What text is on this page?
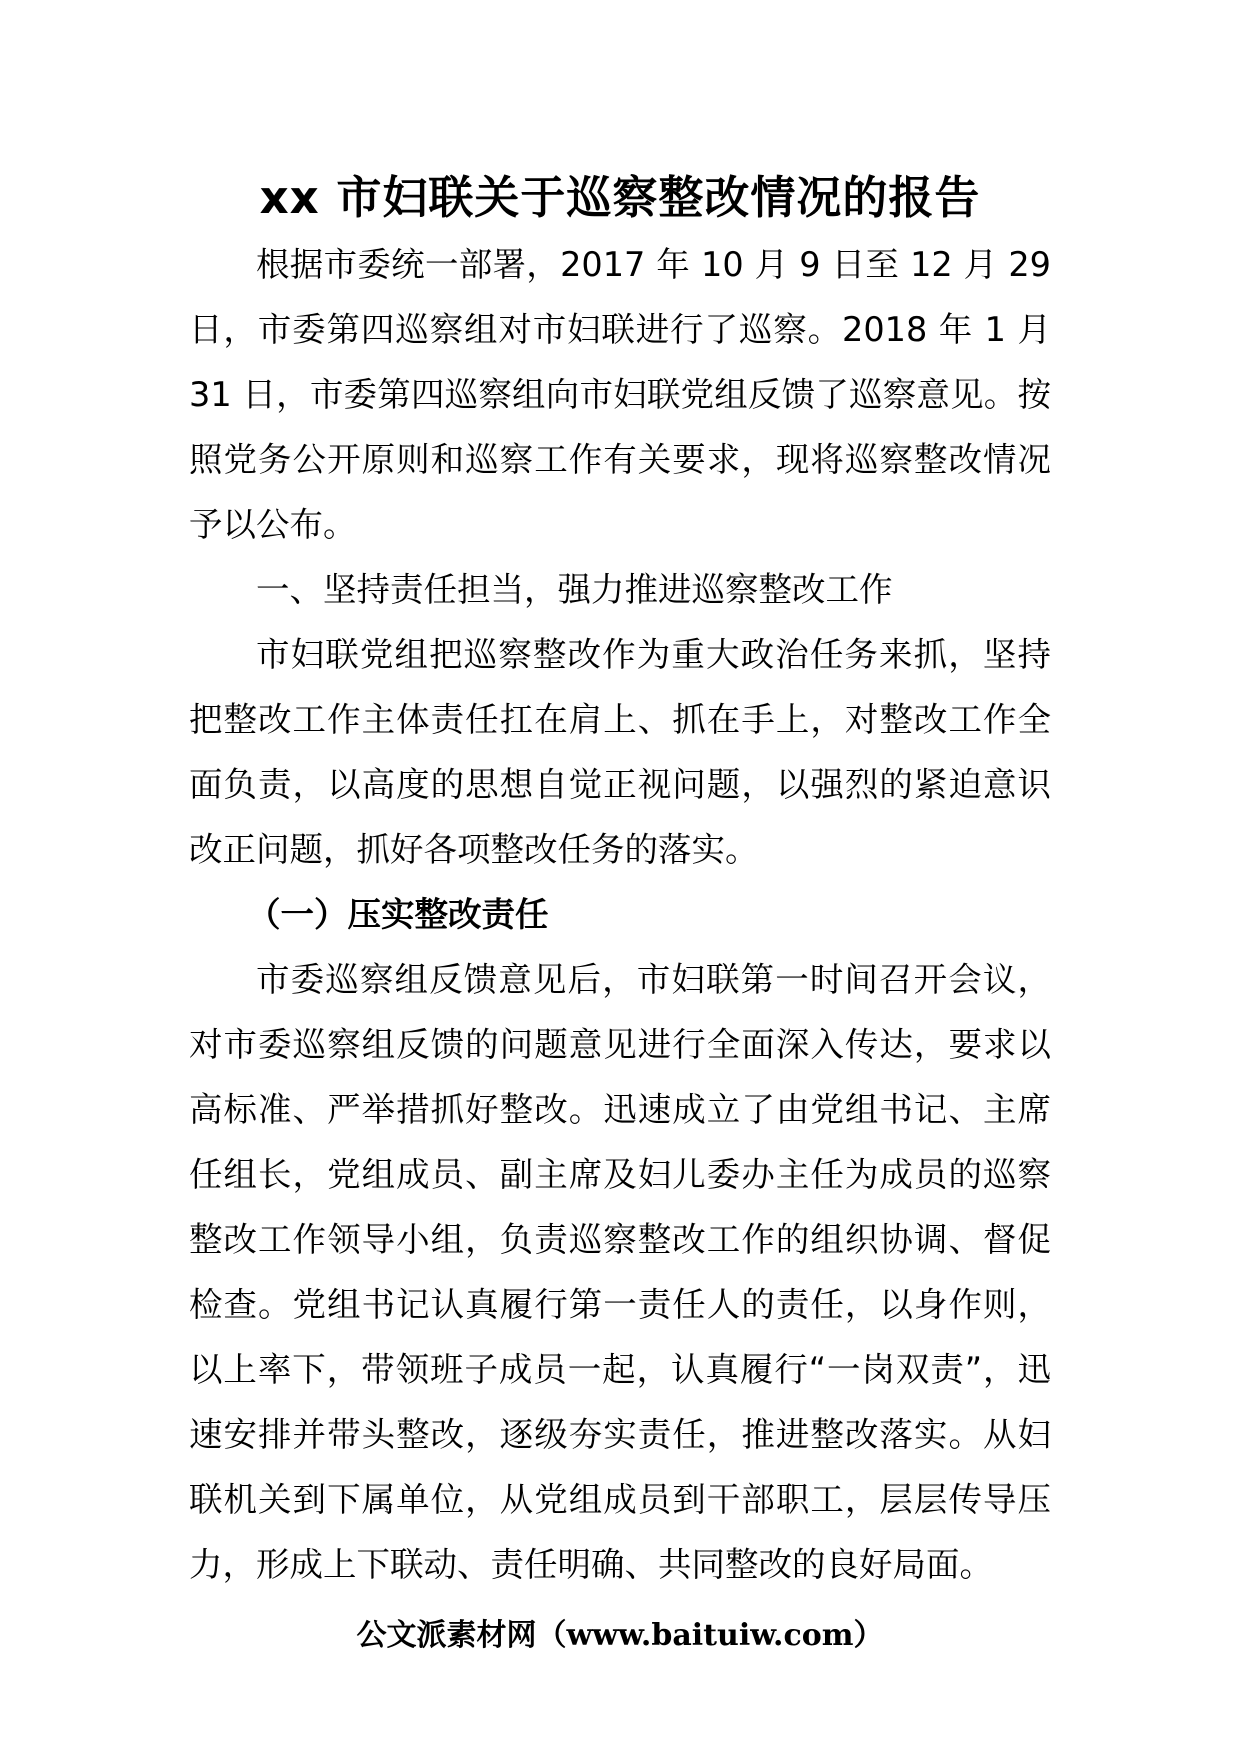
xx 市妇联关于巡察整改情况的报告

根据市委统一部署，2017 年 10 月 9 日至 12 月 29 日，市委第四巡察组对市妇联进行了巡察。2018 年 1 月 31 日，市委第四巡察组向市妇联党组反馈了巡察意见。按照党务公开原则和巡察工作有关要求，现将巡察整改情况予以公布。

一、坚持责任担当，强力推进巡察整改工作

市妇联党组把巡察整改作为重大政治任务来抓，坚持把整改工作主体责任扛在肩上、抓在手上，对整改工作全面负责，以高度的思想自觉正视问题，以强烈的紧迫意识改正问题，抓好各项整改任务的落实。

（一）压实整改责任

市委巡察组反馈意见后，市妇联第一时间召开会议，对市委巡察组反馈的问题意见进行全面深入传达，要求以高标准、严举措抓好整改。迅速成立了由党组书记、主席任组长，党组成员、副主席及妇儿委办主任为成员的巡察整改工作领导小组，负责巡察整改工作的组织协调、督促检查。党组书记认真履行第一责任人的责任，以身作则，以上率下，带领班子成员一起，认真履行“一岗双责”，迅速安排并带头整改，逐级夯实责任，推进整改落实。从妇联机关到下属单位，从党组成员到干部职工，层层传导压力，形成上下联动、责任明确、共同整改的良好局面。

公文派素材网（www.baituiw.com）
